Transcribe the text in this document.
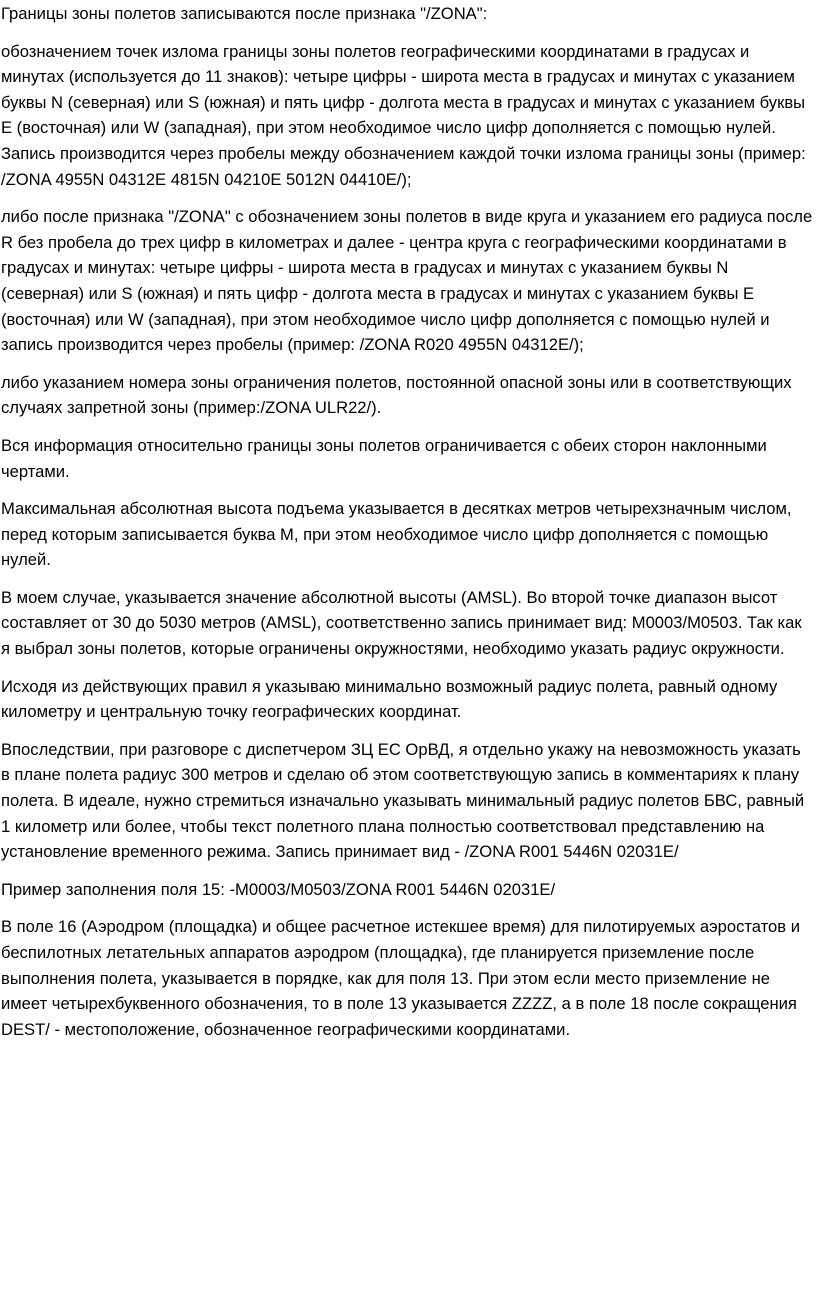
Границы зоны полетов записываются после признака "/ZONA":

обозначением точек излома границы зоны полетов географическими координатами в градусах и минутах (используется до 11 знаков): четыре цифры - широта места в градусах и минутах с указанием буквы N (северная) или S (южная) и пять цифр - долгота места в градусах и минутах с указанием буквы E (восточная) или W (западная), при этом необходимое число цифр дополняется с помощью нулей. Запись производится через пробелы между обозначением каждой точки излома границы зоны (пример: /ZONA 4955N 04312E 4815N 04210E 5012N 04410E/);

либо после признака "/ZONA" с обозначением зоны полетов в виде круга и указанием его радиуса после R без пробела до трех цифр в километрах и далее - центра круга с географическими координатами в градусах и минутах: четыре цифры - широта места в градусах и минутах с указанием буквы N (северная) или S (южная) и пять цифр - долгота места в градусах и минутах с указанием буквы E (восточная) или W (западная), при этом необходимое число цифр дополняется с помощью нулей и запись производится через пробелы (пример: /ZONA R020 4955N 04312E/);

либо указанием номера зоны ограничения полетов, постоянной опасной зоны или в соответствующих случаях запретной зоны (пример:/ZONA ULR22/).

Вся информация относительно границы зоны полетов ограничивается с обеих сторон наклонными чертами.

Максимальная абсолютная высота подъема указывается в десятках метров четырехзначным числом, перед которым записывается буква M, при этом необходимое число цифр дополняется с помощью нулей.

В моем случае, указывается значение абсолютной высоты (AMSL). Во второй точке диапазон высот составляет от 30 до 5030 метров (AMSL), соответственно запись принимает вид: M0003/M0503. Так как я выбрал зоны полетов, которые ограничены окружностями, необходимо указать радиус окружности.

Исходя из действующих правил я указываю минимально возможный радиус полета, равный одному километру и центральную точку географических координат.

Впоследствии, при разговоре с диспетчером ЗЦ ЕС ОрВД, я отдельно укажу на невозможность указать в плане полета радиус 300 метров и сделаю об этом соответствующую запись в комментариях к плану полета. В идеале, нужно стремиться изначально указывать минимальный радиус полетов БВС, равный 1 километр или более, чтобы текст полетного плана полностью соответствовал представлению на установление временного режима. Запись принимает вид - /ZONA R001 5446N 02031E/

Пример заполнения поля 15: -M0003/M0503/ZONA R001 5446N 02031E/

В поле 16 (Аэродром (площадка) и общее расчетное истекшее время) для пилотируемых аэростатов и беспилотных летательных аппаратов аэродром (площадка), где планируется приземление после выполнения полета, указывается в порядке, как для поля 13. При этом если место приземление не имеет четырехбуквенного обозначения, то в поле 13 указывается ZZZZ, а в поле 18 после сокращения DEST/ - местоположение, обозначенное географическими координатами.
